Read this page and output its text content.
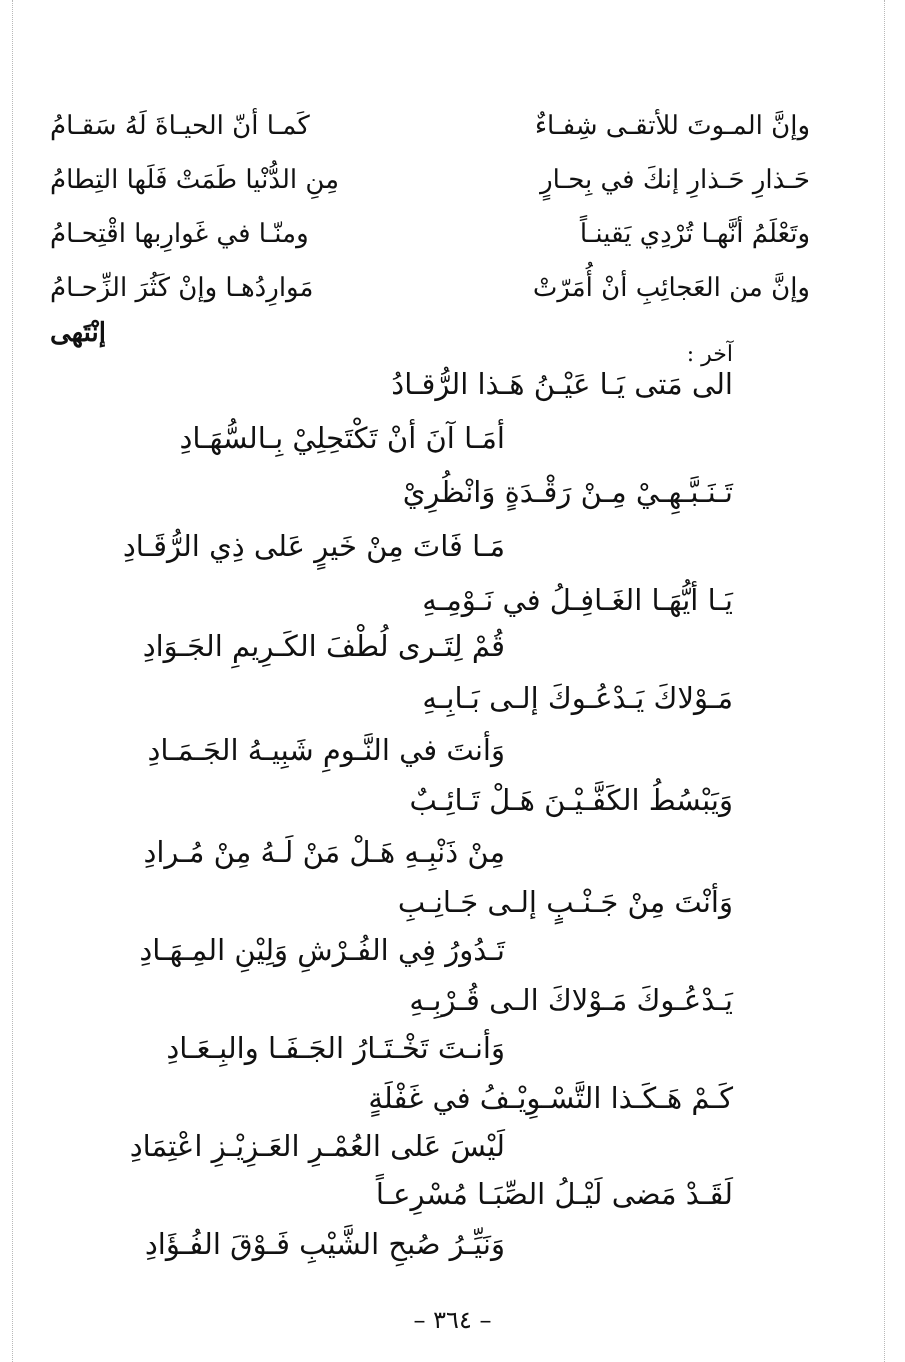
وإنَّ المـوتَ للأتقـى شِفـاءٌ
كَمـا أنّ الحيـاةَ لَهُ سَقـامُ
حَـذارِ حَـذارِ إنكَ في بِحـارٍ
مِنِ الدُّنْيا طَمَتْ فَلَها التِطامُ
وتَعْلَمُ أنَّهـا تُرْدِي يَقينـاً
ومنّـا في غَوارِبها اقْتِحـامُ
وإنَّ من العَجائِبِ أنْ أُمَرّتْ
مَوارِدُهـا وإنْ كَثُرَ الزِّحـامُ
إنْتَهى
آخر :
الى مَتى يَـا عَيْـنُ هَـذا الرُّقـادُ
أمَـا آنَ أنْ تَكْتَحِلِيْ بِـالسُّهَـادِ
تَـنَـبَّـهِـيْ مِـنْ رَقْـدَةٍ وَانْظُرِيْ
مَـا فَاتَ مِنْ خَيرٍ عَلى ذِي الرُّقَـادِ
يَـا أيُّهَـا الغَـافِـلُ في نَـوْمِـهِ
قُمْ لِتَـرى لُطْفَ الكَـرِيمِ الجَـوَادِ
مَـوْلاكَ يَـدْعُـوكَ إلـى بَـابِـهِ
وَأنتَ في النَّـومِ شَبِيـهُ الجَـمَـادِ
وَيَبْسُطُ الكَفَّـيْـنَ هَـلْ تَـائِـبٌ
مِنْ ذَنْبِـهِ هَـلْ مَنْ لَـهُ مِنْ مُـرادِ
وَأنْتَ مِنْ جَـنْـبٍ إلـى جَـانِـبِ
تَـدُورُ فِي الفُـرْشِ وَلِيْنِ المِـهَـادِ
يَـدْعُـوكَ مَـوْلاكَ الـى قُـرْبِـهِ
وَأنـتَ تَخْـتَـارُ الجَـفَـا والبِـعَـادِ
كَـمْ هَـكَـذا التَّسْـوِيْـفُ في غَفْلَةٍ
لَيْسَ عَلى العُمْـرِ العَـزِيْـزِ اعْتِمَادِ
لَقَـدْ مَضى لَيْـلُ الصِّبَـا مُسْرِعـاً
وَنَيِّـرُ صُبحِ الشَّيْبِ فَـوْقَ الفُـؤَادِ
– ٣٦٤ –
